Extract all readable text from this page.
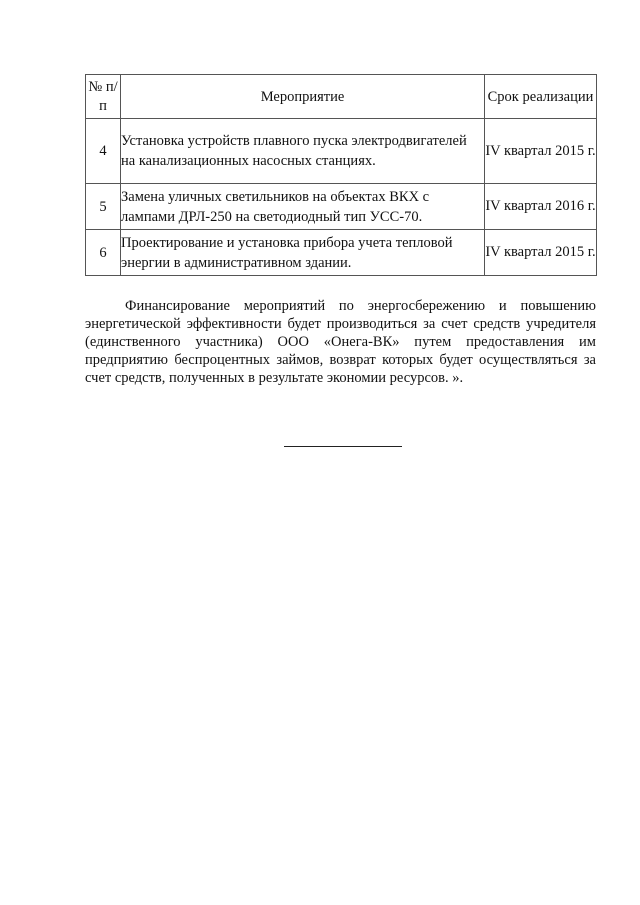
№ п/п	Мероприятие	Срок реализации
4	Установка устройств плавного пуска электродвигателей на канализационных насосных станциях.	IV квартал 2015 г.
5	Замена уличных светильников на объектах ВКХ с лампами ДРЛ-250 на светодиодный тип УСС-70.	IV квартал 2016 г.
6	Проектирование и установка прибора учета тепловой энергии в административном здании.	IV квартал 2015 г.

Финансирование мероприятий по энергосбережению и повышению энергетической эффективности будет производиться за счет средств учредителя (единственного участника) ООО «Онега-ВК» путем предоставления им предприятию беспроцентных займов, возврат которых будет осуществляться за счет средств, полученных в результате экономии ресурсов. ».
